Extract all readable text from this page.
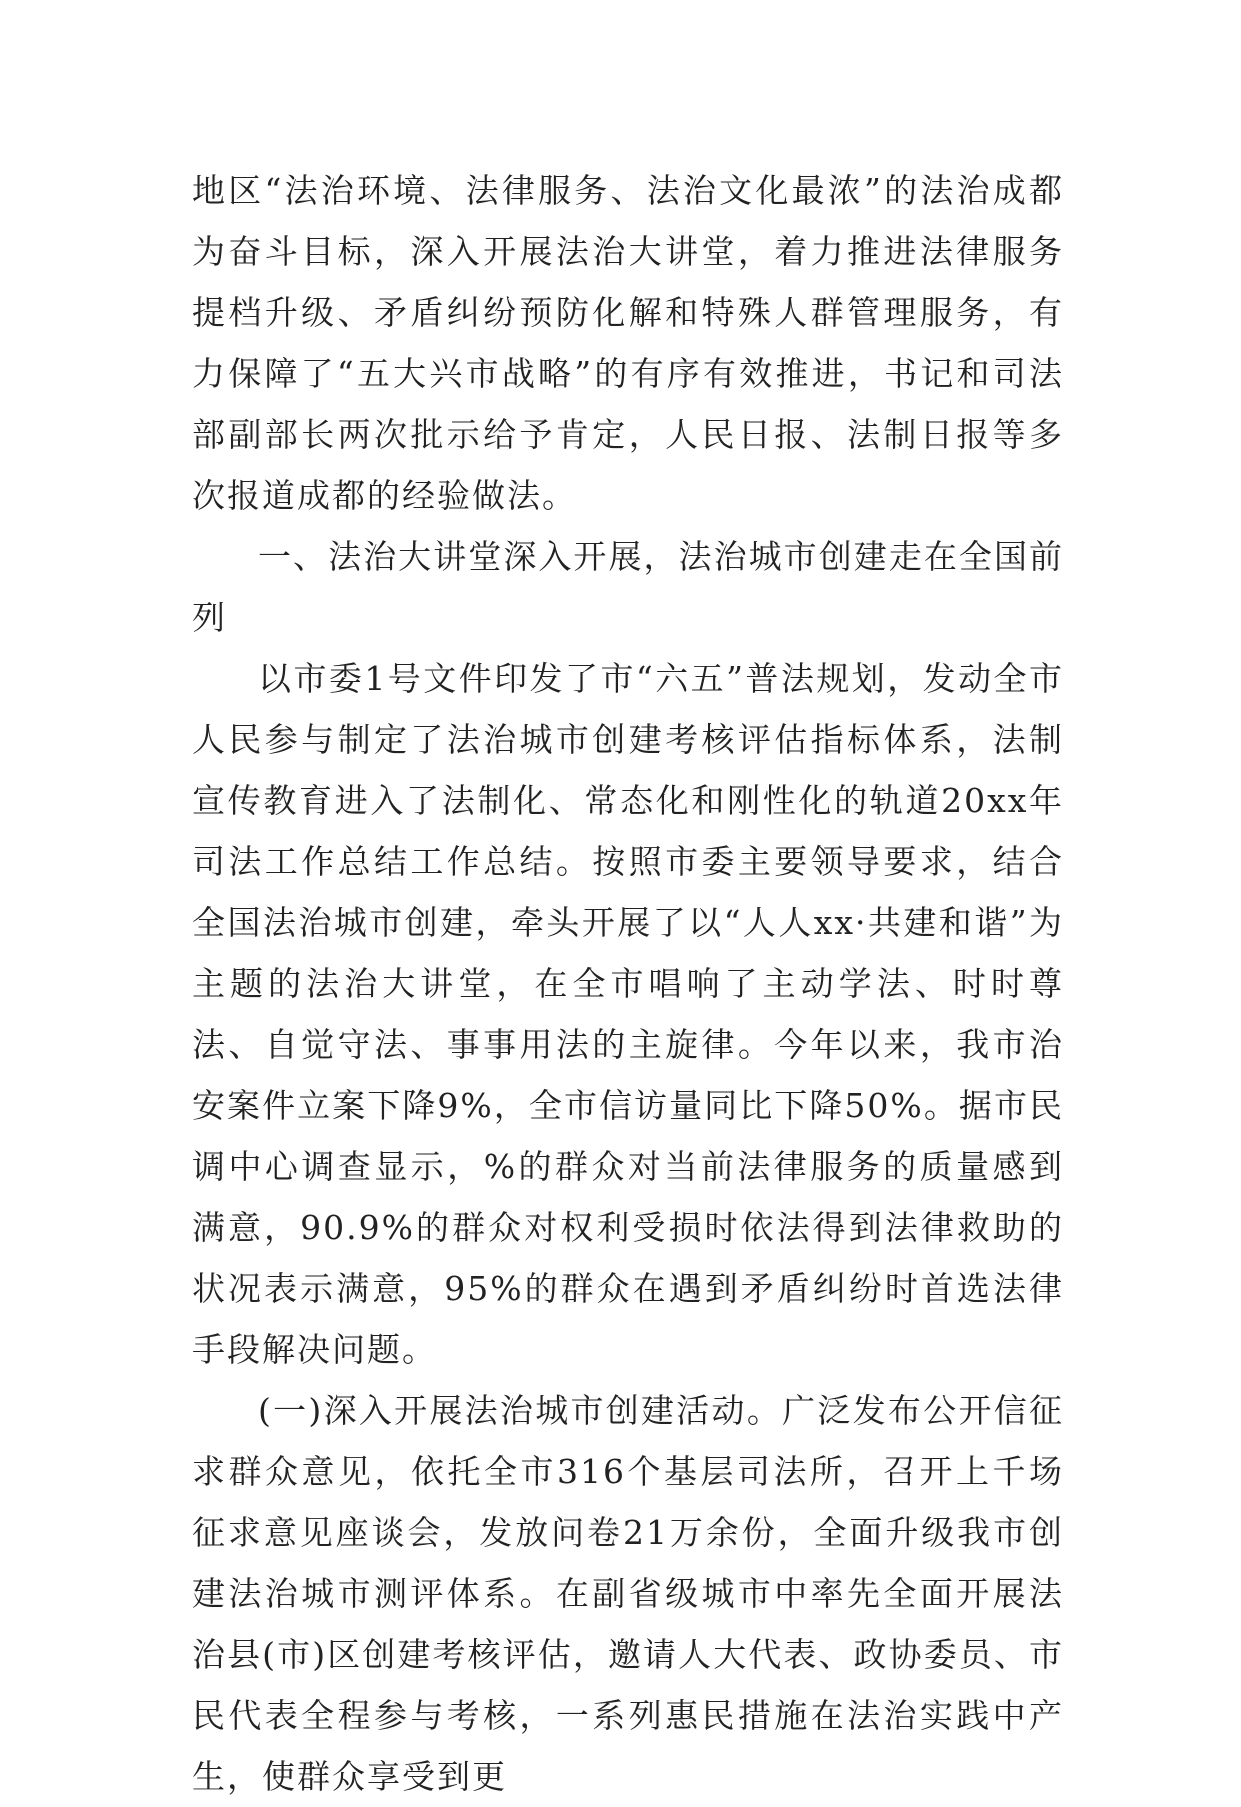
地区“法治环境、法律服务、法治文化最浓”的法治成都为奋斗目标，深入开展法治大讲堂，着力推进法律服务提档升级、矛盾纠纷预防化解和特殊人群管理服务，有力保障了“五大兴市战略”的有序有效推进，书记和司法部副部长两次批示给予肯定，人民日报、法制日报等多次报道成都的经验做法。

一、法治大讲堂深入开展，法治城市创建走在全国前列

以市委1号文件印发了市“六五”普法规划，发动全市人民参与制定了法治城市创建考核评估指标体系，法制宣传教育进入了法制化、常态化和刚性化的轨道20xx年司法工作总结工作总结。按照市委主要领导要求，结合全国法治城市创建，牵头开展了以“人人xx·共建和谐”为主题的法治大讲堂，在全市唱响了主动学法、时时尊法、自觉守法、事事用法的主旋律。今年以来，我市治安案件立案下降9%，全市信访量同比下降50%。据市民调中心调查显示，%的群众对当前法律服务的质量感到满意，90.9%的群众对权利受损时依法得到法律救助的状况表示满意，95%的群众在遇到矛盾纠纷时首选法律手段解决问题。

(一)深入开展法治城市创建活动。广泛发布公开信征求群众意见，依托全市316个基层司法所，召开上千场征求意见座谈会，发放问卷21万余份，全面升级我市创建法治城市测评体系。在副省级城市中率先全面开展法治县(市)区创建考核评估，邀请人大代表、政协委员、市民代表全程参与考核，一系列惠民措施在法治实践中产生，使群众享受到更
